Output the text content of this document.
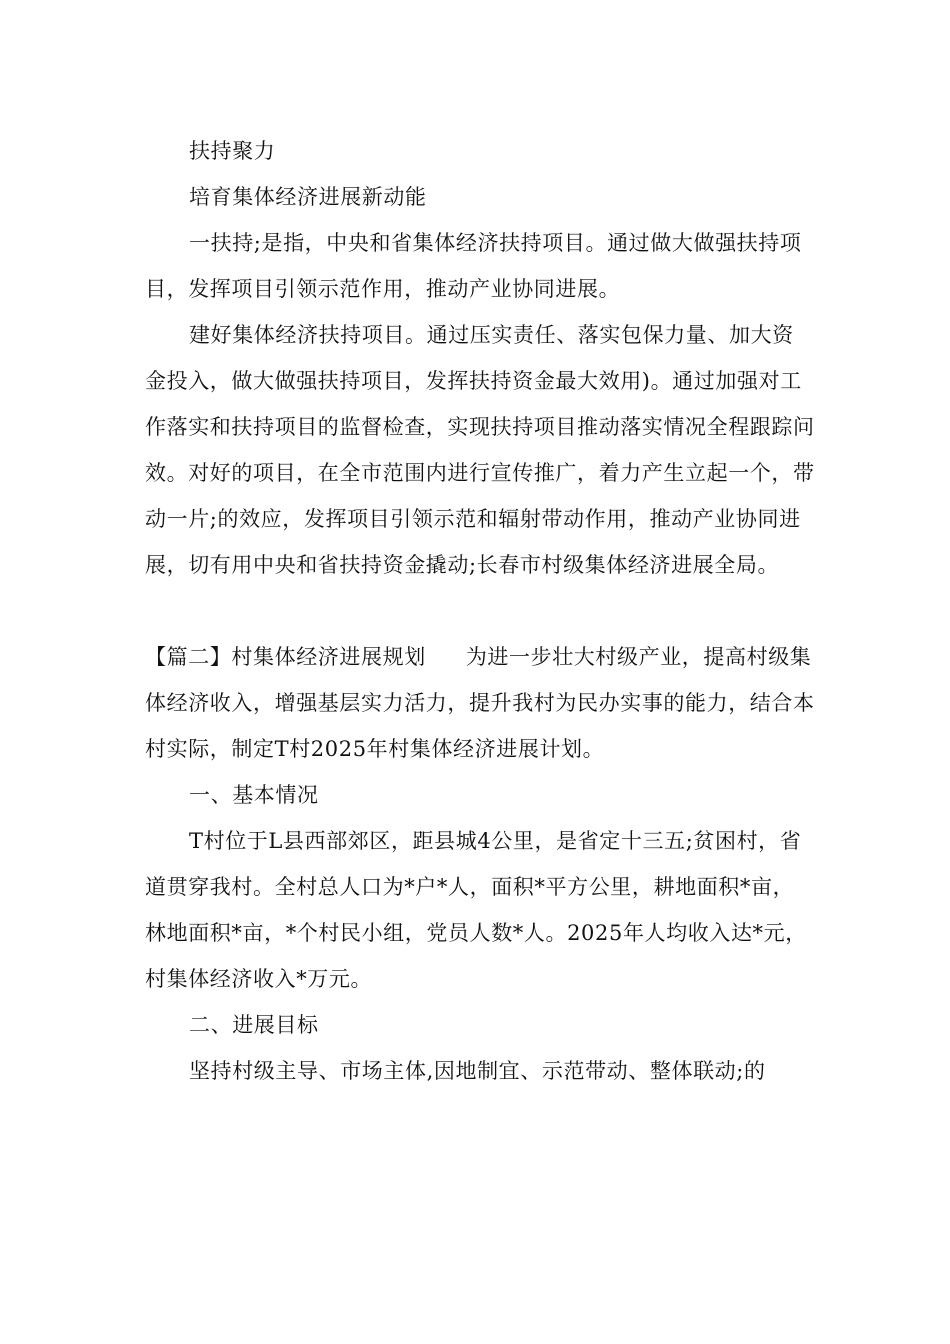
扶持聚力

培育集体经济进展新动能

一扶持;是指，中央和省集体经济扶持项目。通过做大做强扶持项目，发挥项目引领示范作用，推动产业协同进展。

建好集体经济扶持项目。通过压实责任、落实包保力量、加大资金投入，做大做强扶持项目，发挥扶持资金最大效用)。通过加强对工作落实和扶持项目的监督检查，实现扶持项目推动落实情况全程跟踪问效。对好的项目，在全市范围内进行宣传推广，着力产生立起一个，带动一片;的效应，发挥项目引领示范和辐射带动作用，推动产业协同进展，切有用中央和省扶持资金撬动;长春市村级集体经济进展全局。

【篇二】村集体经济进展规划 为进一步壮大村级产业，提高村级集体经济收入，增强基层实力活力，提升我村为民办实事的能力，结合本村实际，制定T村2025年村集体经济进展计划。

一、基本情况

T村位于L县西部郊区，距县城4公里，是省定十三五;贫困村，省道贯穿我村。全村总人口为*户*人，面积*平方公里，耕地面积*亩，林地面积*亩，*个村民小组，党员人数*人。2025年人均收入达*元，村集体经济收入*万元。

二、进展目标

坚持村级主导、市场主体,因地制宜、示范带动、整体联动;的
